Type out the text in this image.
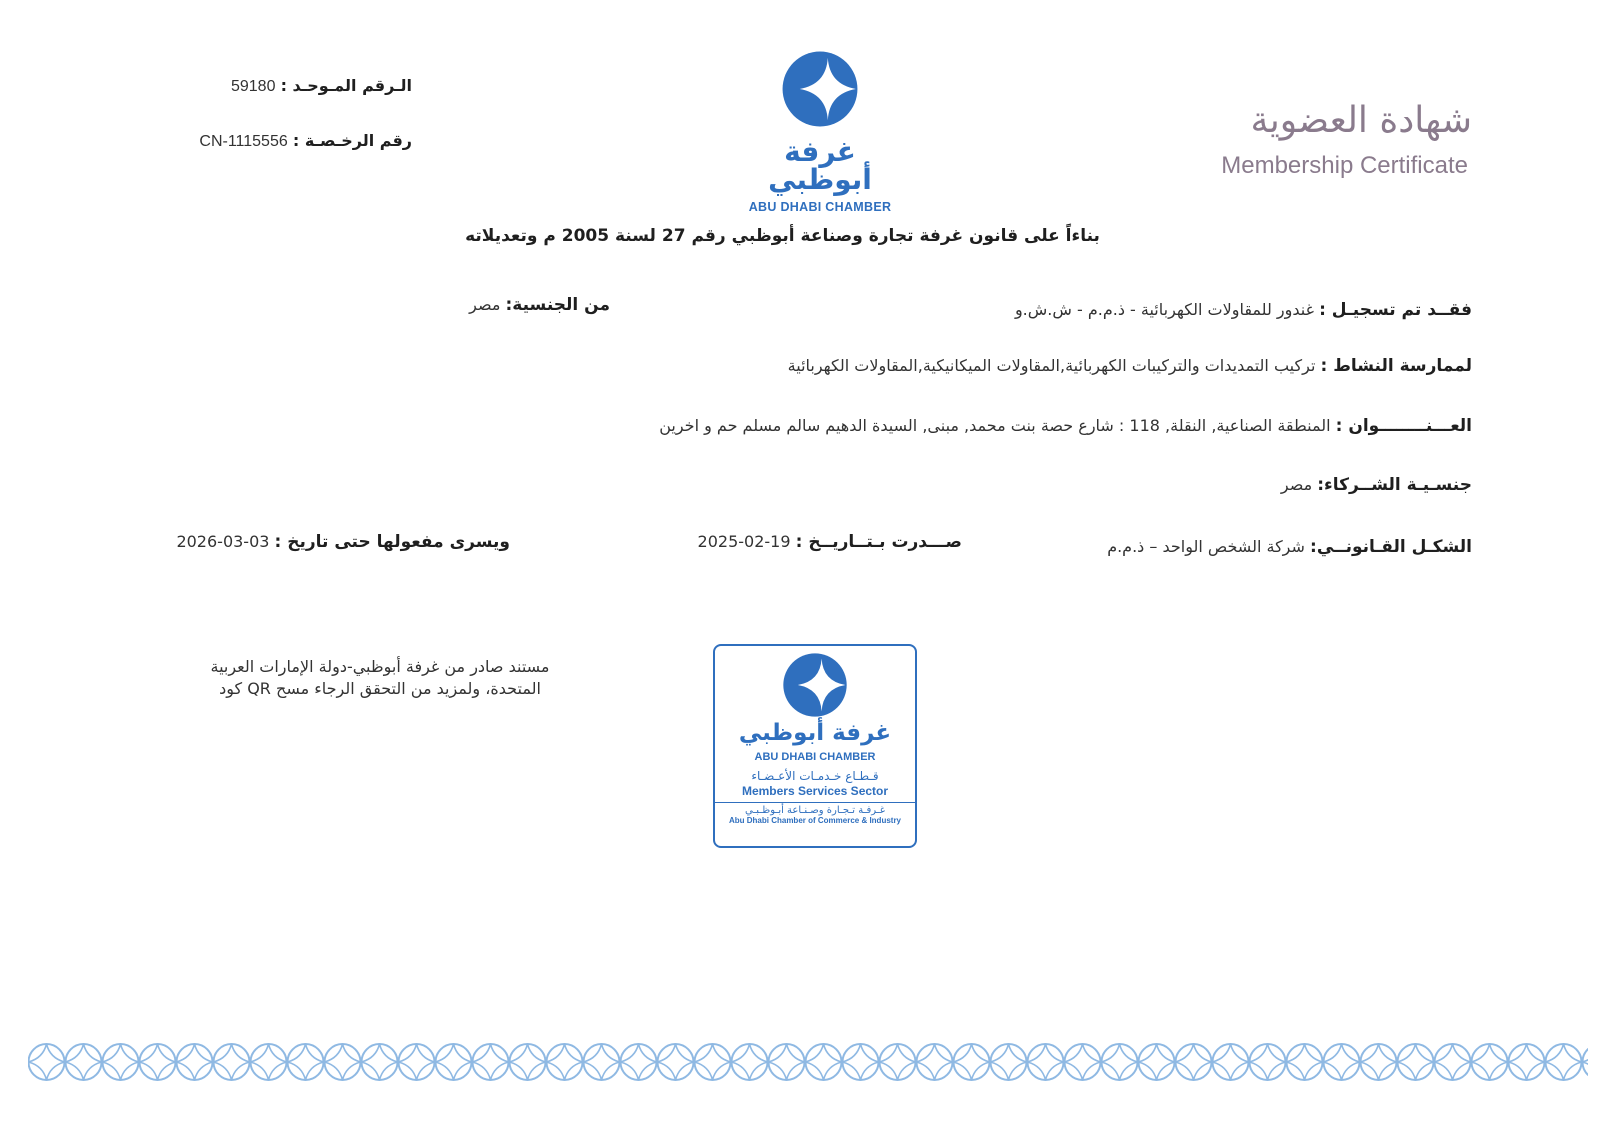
الـرقم المـوحـد : 59180
رقم الرخـصـة : CN-1115556	غرفة أبوظبي
ABU DHABI CHAMBER
شهادة العضوية
Membership Certificate
بناءاً على قانون غرفة تجارة وصناعة أبوظبي رقم 27 لسنة 2005 م وتعديلاته
فقــد تم تسجيـل : غندور للمقاولات الكهربائية - ذ.م.م - ش.ش.و
من الجنسية: مصر
لممارسة النشاط : تركيب التمديدات والتركيبات الكهربائية,المقاولات الميكانيكية,المقاولات الكهربائية
العـــنــــــــوان : المنطقة الصناعية, النقلة, 118 : شارع حصة بنت محمد, مبنى, السيدة الدهيم سالم مسلم حم و اخرين
جنسـيـة الشــركاء: مصر
الشكـل القـانونــي: شركة الشخص الواحد – ذ.م.م
صـــدرت بـتــاريــخ : 19-02-2025
ويسرى مفعولها حتى تاريخ : 03-03-2026
مستند صادر من غرفة أبوظبي-دولة الإمارات العربية
المتحدة، ولمزيد من التحقق الرجاء مسح QR كود
غرفة أبوظبي
ABU DHABI CHAMBER
قـطـاع خـدمـات الأعـضـاء
Members Services Sector
غـرفـة تـجـارة وصـنـاعة أبـوظـبـي
Abu Dhabi Chamber of Commerce & Industry
